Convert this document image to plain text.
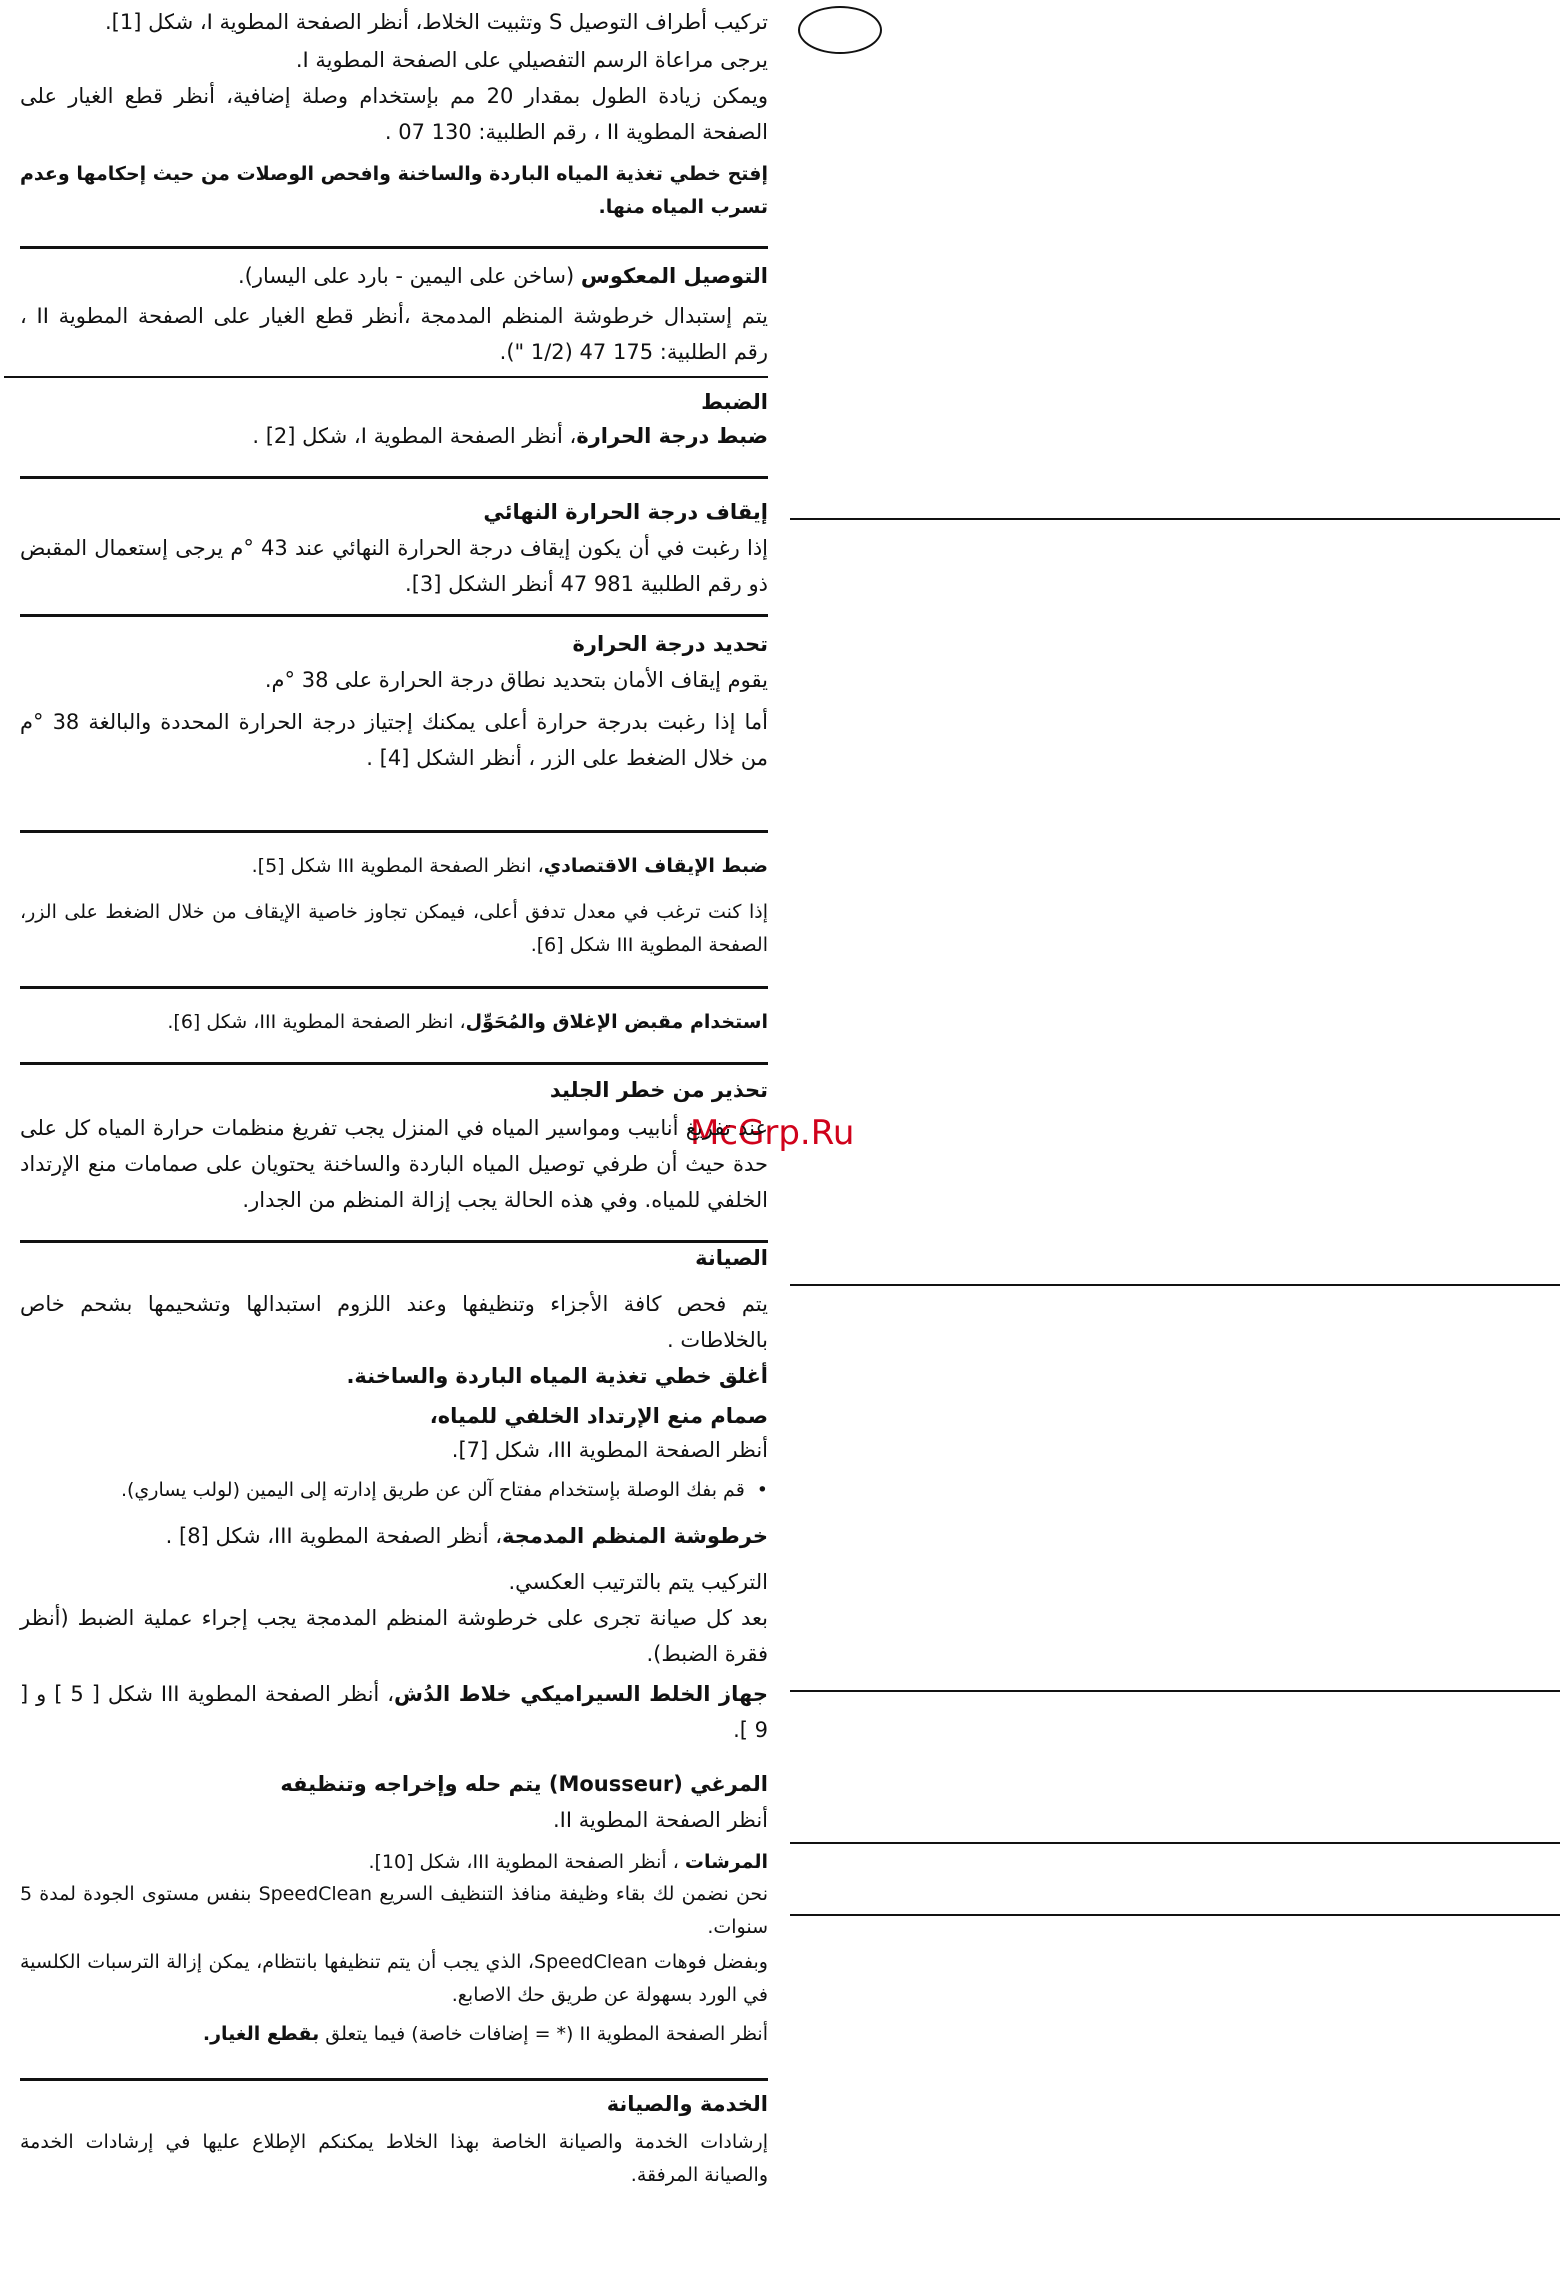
McGrp.Ru

تركيب أطراف التوصيل S وتثبيت الخلاط، أنظر الصفحة المطوية I، شكل [1].

يرجى مراعاة الرسم التفصيلي على الصفحة المطوية I.

ويمكن زيادة الطول بمقدار 20 مم بإستخدام وصلة إضافية، أنظر قطع الغيار على الصفحة المطوية II ، رقم الطلبية: 130 07 .

إفتح خطي تغذية المياه الباردة والساخنة وافحص الوصلات من حيث إحكامها وعدم تسرب المياه منها.

التوصيل المعكوس (ساخن على اليمين - بارد على اليسار).

يتم إستبدال خرطوشة المنظم المدمجة ،أنظر قطع الغيار على الصفحة المطوية II ، رقم الطلبية: 175 47 (1/2 ").

الضبط

ضبط درجة الحرارة، أنظر الصفحة المطوية I، شكل [2] .

إيقاف درجة الحرارة النهائي

إذا رغبت في أن يكون إيقاف درجة الحرارة النهائي عند 43 °م يرجى إستعمال المقبض ذو رقم الطلبية 981 47 أنظر الشكل [3].

تحديد درجة الحرارة

يقوم إيقاف الأمان بتحديد نطاق درجة الحرارة على 38 °م.

أما إذا رغبت بدرجة حرارة أعلى يمكنك إجتياز درجة الحرارة المحددة والبالغة 38 °م من خلال الضغط على الزر ، أنظر الشكل [4] .

ضبط الإيقاف الاقتصادي، انظر الصفحة المطوية III شكل [5].

إذا كنت ترغب في معدل تدفق أعلى، فيمكن تجاوز خاصية الإيقاف من خلال الضغط على الزر، الصفحة المطوية III شكل [6].

استخدام مقبض الإغلاق والمُحَوِّل، انظر الصفحة المطوية III، شكل [6].

تحذير من خطر الجليد

عند تفريغ أنابيب ومواسير المياه في المنزل يجب تفريغ منظمات حرارة المياه كل على حدة حيث أن طرفي توصيل المياه الباردة والساخنة يحتويان على صمامات منع الإرتداد الخلفي للمياه. وفي هذه الحالة يجب إزالة المنظم من الجدار.

الصيانة

يتم فحص كافة الأجزاء وتنظيفها وعند اللزوم استبدالها وتشحيمها بشحم خاص بالخلاطات .

أغلق خطي تغذية المياه الباردة والساخنة.

صمام منع الإرتداد الخلفي للمياه،

أنظر الصفحة المطوية III، شكل [7].

• قم بفك الوصلة بإستخدام مفتاح آلن عن طريق إدارته إلى اليمين (لولب يساري).

خرطوشة المنظم المدمجة، أنظر الصفحة المطوية III، شكل [8] .

التركيب يتم بالترتيب العكسي.

بعد كل صيانة تجرى على خرطوشة المنظم المدمجة يجب إجراء عملية الضبط (أنظر فقرة الضبط).

جهاز الخلط السيراميكي خلاط الدُش، أنظر الصفحة المطوية III شكل [ 5 ] و [ 9 ].

المرغي (Mousseur) يتم حله وإخراجه وتنظيفه

أنظر الصفحة المطوية II.

المرشات ، أنظر الصفحة المطوية III، شكل [10].

نحن نضمن لك بقاء وظيفة منافذ التنظيف السريع SpeedClean بنفس مستوى الجودة لمدة 5 سنوات.

وبفضل فوهات SpeedClean، الذي يجب أن يتم تنظيفها بانتظام، يمكن إزالة الترسبات الكلسية في الورد بسهولة عن طريق حك الاصابع.

أنظر الصفحة المطوية II (* = إضافات خاصة) فيما يتعلق بقطع الغيار.

الخدمة والصيانة

إرشادات الخدمة والصيانة الخاصة بهذا الخلاط يمكنكم الإطلاع عليها في إرشادات الخدمة والصيانة المرفقة.
